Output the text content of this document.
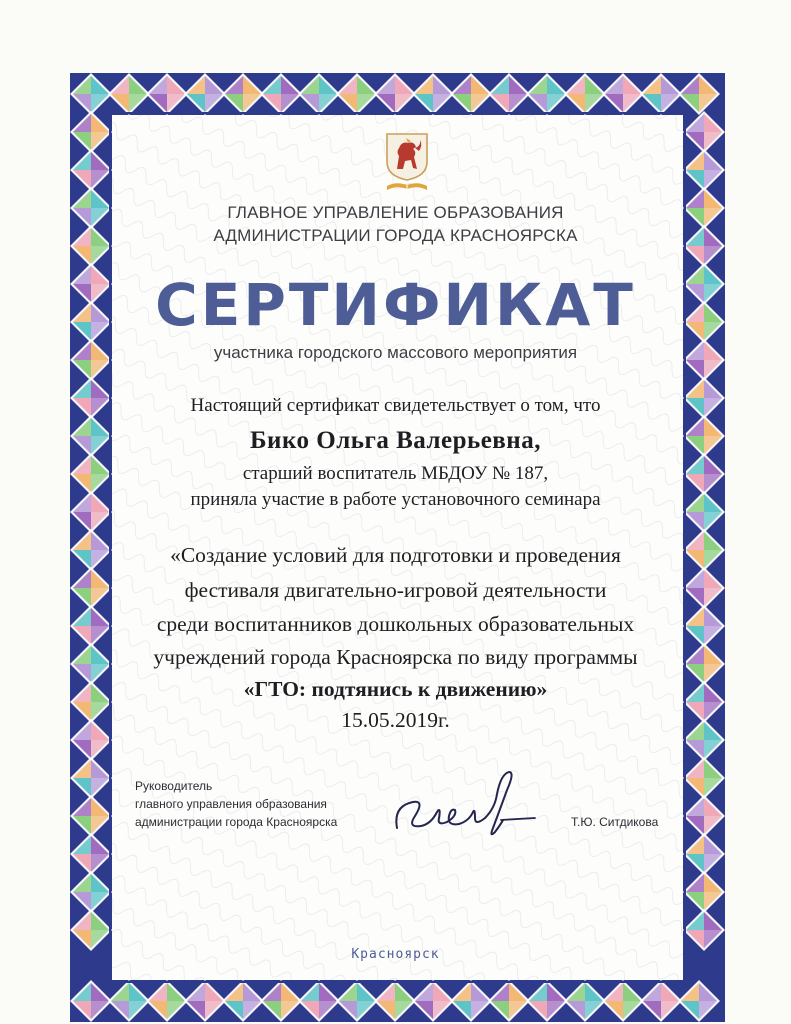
ГЛАВНОЕ УПРАВЛЕНИЕ ОБРАЗОВАНИЯ

АДМИНИСТРАЦИИ ГОРОДА КРАСНОЯРСКА

СЕРТИФИКАТ

участника городского массового мероприятия

Настоящий сертификат свидетельствует о том, что

Бико Ольга Валерьевна,

старший воспитатель МБДОУ № 187,

приняла участие в работе установочного семинара

«Создание условий для подготовки и проведения

фестиваля двигательно-игровой деятельности

среди воспитанников дошкольных образовательных

учреждений города Красноярска по виду программы

«ГТО: подтянись к движению»

15.05.2019г.

Руководитель

главного управления образования

администрации города Красноярска	Т.Ю. Ситдикова

Красноярск
